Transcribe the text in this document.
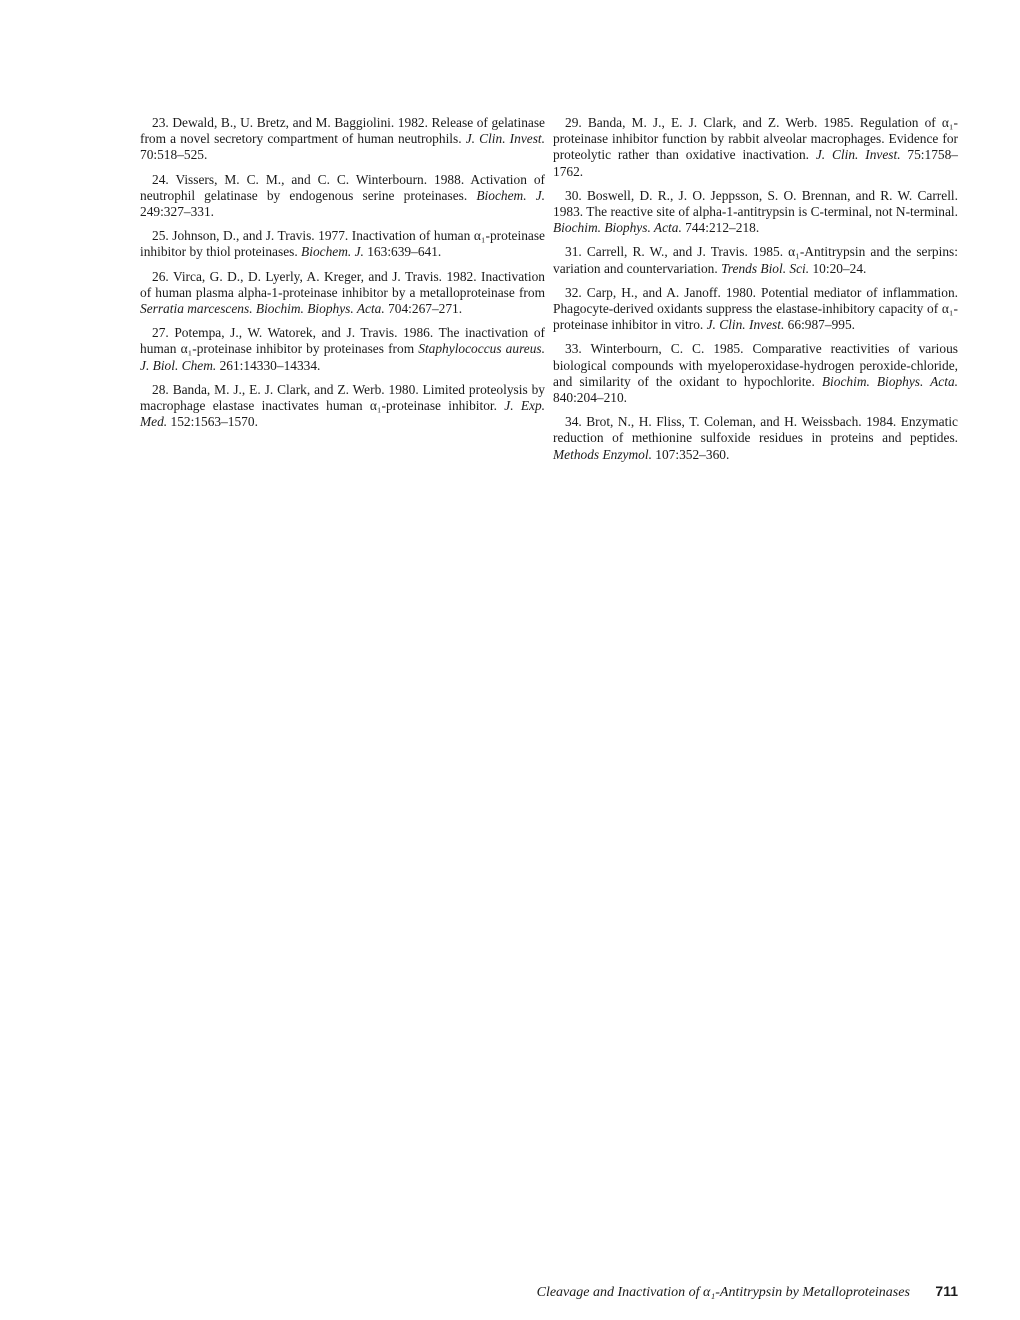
23. Dewald, B., U. Bretz, and M. Baggiolini. 1982. Release of gelatinase from a novel secretory compartment of human neutrophils. J. Clin. Invest. 70:518–525.

24. Vissers, M. C. M., and C. C. Winterbourn. 1988. Activation of neutrophil gelatinase by endogenous serine proteinases. Biochem. J. 249:327–331.

25. Johnson, D., and J. Travis. 1977. Inactivation of human α₁-proteinase inhibitor by thiol proteinases. Biochem. J. 163:639–641.

26. Virca, G. D., D. Lyerly, A. Kreger, and J. Travis. 1982. Inactivation of human plasma alpha-1-proteinase inhibitor by a metalloproteinase from Serratia marcescens. Biochim. Biophys. Acta. 704:267–271.

27. Potempa, J., W. Watorek, and J. Travis. 1986. The inactivation of human α₁-proteinase inhibitor by proteinases from Staphylococcus aureus. J. Biol. Chem. 261:14330–14334.

28. Banda, M. J., E. J. Clark, and Z. Werb. 1980. Limited proteolysis by macrophage elastase inactivates human α₁-proteinase inhibitor. J. Exp. Med. 152:1563–1570.

29. Banda, M. J., E. J. Clark, and Z. Werb. 1985. Regulation of α₁-proteinase inhibitor function by rabbit alveolar macrophages. Evidence for proteolytic rather than oxidative inactivation. J. Clin. Invest. 75:1758–1762.

30. Boswell, D. R., J. O. Jeppsson, S. O. Brennan, and R. W. Carrell. 1983. The reactive site of alpha-1-antitrypsin is C-terminal, not N-terminal. Biochim. Biophys. Acta. 744:212–218.

31. Carrell, R. W., and J. Travis. 1985. α₁-Antitrypsin and the serpins: variation and countervariation. Trends Biol. Sci. 10:20–24.

32. Carp, H., and A. Janoff. 1980. Potential mediator of inflammation. Phagocyte-derived oxidants suppress the elastase-inhibitory capacity of α₁-proteinase inhibitor in vitro. J. Clin. Invest. 66:987–995.

33. Winterbourn, C. C. 1985. Comparative reactivities of various biological compounds with myeloperoxidase-hydrogen peroxide-chloride, and similarity of the oxidant to hypochlorite. Biochim. Biophys. Acta. 840:204–210.

34. Brot, N., H. Fliss, T. Coleman, and H. Weissbach. 1984. Enzymatic reduction of methionine sulfoxide residues in proteins and peptides. Methods Enzymol. 107:352–360.

Cleavage and Inactivation of α₁-Antitrypsin by Metalloproteinases 711
